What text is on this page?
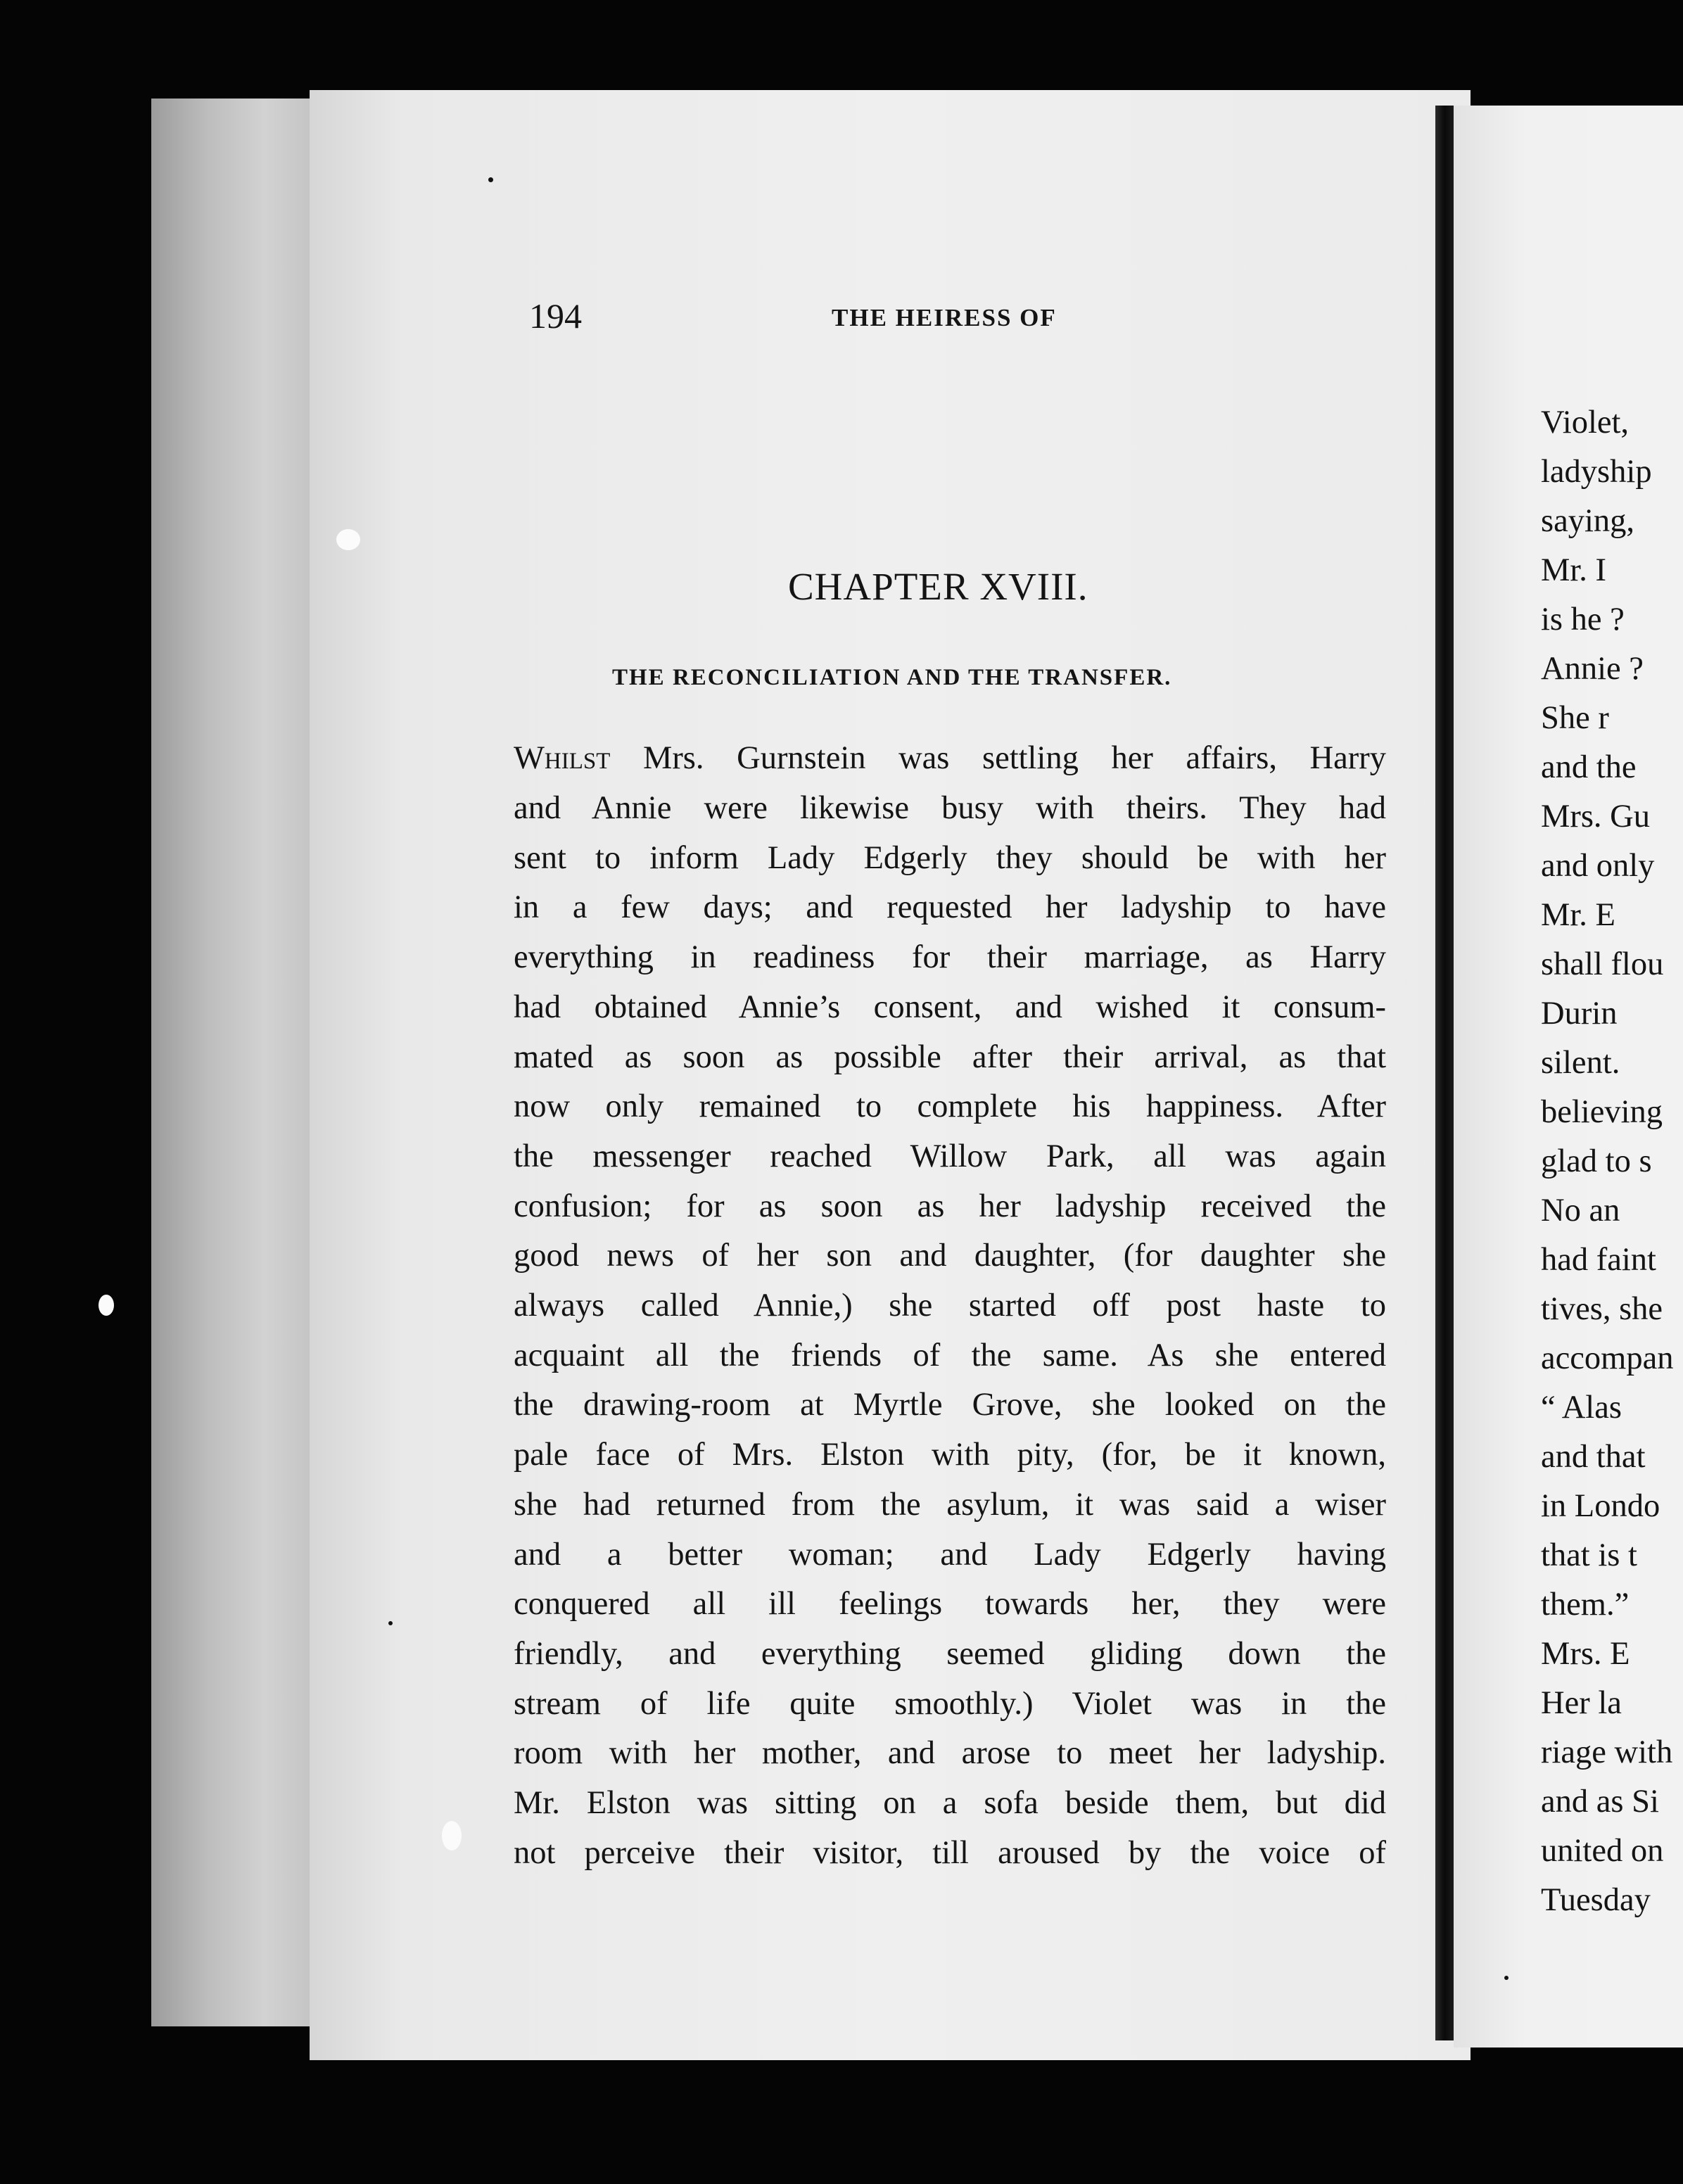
194	THE HEIRESS OF
CHAPTER XVIII.
THE RECONCILIATION AND THE TRANSFER.
Whilst Mrs. Gurnstein was settling her affairs, Harry
and Annie were likewise busy with theirs. They had
sent to inform Lady Edgerly they should be with her
in a few days; and requested her ladyship to have
everything in readiness for their marriage, as Harry
had obtained Annie’s consent, and wished it consum-
mated as soon as possible after their arrival, as that
now only remained to complete his happiness. After
the messenger reached Willow Park, all was again
confusion; for as soon as her ladyship received the
good news of her son and daughter, (for daughter she
always called Annie,) she started off post haste to
acquaint all the friends of the same. As she entered
the drawing-room at Myrtle Grove, she looked on the
pale face of Mrs. Elston with pity, (for, be it known,
she had returned from the asylum, it was said a wiser
and a better woman; and Lady Edgerly having
conquered all ill feelings towards her, they were
friendly, and everything seemed gliding down the
stream of life quite smoothly.) Violet was in the
room with her mother, and arose to meet her ladyship.
Mr. Elston was sitting on a sofa beside them, but did
not perceive their visitor, till aroused by the voice of
Violet,
ladyship
saying,
Mr. I
is he ?
Annie ?
She r
and the
Mrs. Gu
and only
Mr. E
shall flou
Durin
silent.
believing
glad to s
No an
had faint
tives, she
accompan
“ Alas
and that
in Londo
that is t
them.”
Mrs. E
Her la
riage with
and as Si
united on
Tuesday
